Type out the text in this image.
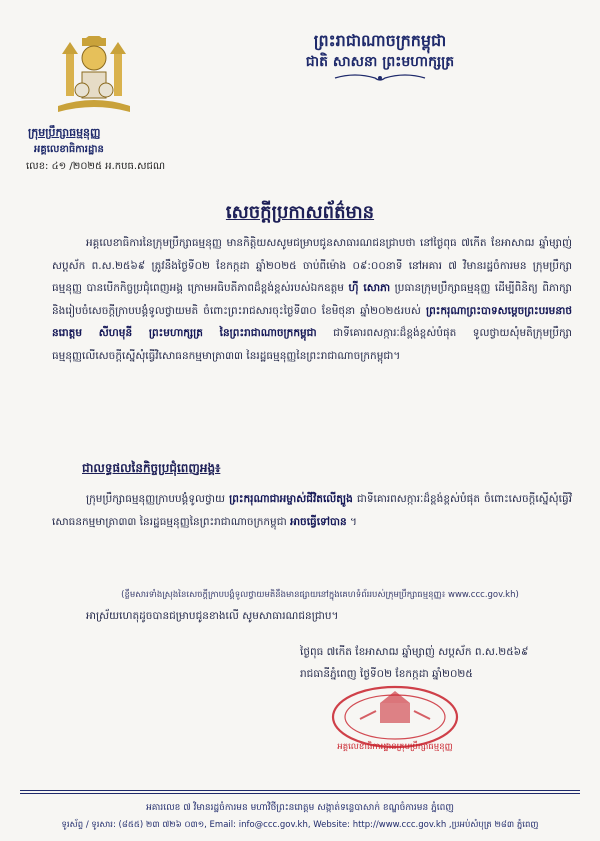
ក្រុមប្រឹក្សាធម្មនុញ្ញ
អគ្គលេខាធិការដ្ឋាន
លេខ: ៤១ /២០២៥ អ.កបធ.សជណ
ព្រះរាជាណាចក្រកម្ពុជា
ជាតិ សាសនា ព្រះមហាក្សត្រ
សេចក្តីប្រកាសព័ត៌មាន
អគ្គលេខាធិការនៃក្រុមប្រឹក្សាធម្មនុញ្ញ មានកិត្តិយសសូមជម្រាបជូនសាធារណជនជ្រាបថា នៅថ្ងៃពុធ ៧កើត ខែអាសាឍ ឆ្នាំម្សាញ់ សប្តស័ក ព.ស.២៥៦៩ ត្រូវនឹងថ្ងៃទី០២ ខែកក្កដា ឆ្នាំ២០២៥ ចាប់ពីម៉ោង ០៩:០០នាទី នៅអគារ ៧ វិមានរដ្ឋចំការមន ក្រុមប្រឹក្សាធម្មនុញ្ញ បានបើកកិច្ចប្រជុំពេញអង្គ ក្រោមអធិបតីភាពដ៏ខ្ពង់ខ្ពស់របស់ឯកឧត្តម ហ៊ី សោភា ប្រធានក្រុមប្រឹក្សាធម្មនុញ្ញ ដើម្បីពិនិត្យ ពិភាក្សា និងរៀបចំសេចក្តីក្រាបបង្គំទូលថ្វាយមតិ ចំពោះព្រះរាជសារចុះថ្ងៃទី៣០ ខែមិថុនា ឆ្នាំ២០២៥របស់ ព្រះករុណាព្រះបាទសម្តេចព្រះបរមនាថ នរោត្តម សីហមុនី ព្រះមហាក្សត្រ នៃព្រះរាជាណាចក្រកម្ពុជា ជាទីគោរពសក្ការៈដ៏ខ្ពង់ខ្ពស់បំផុត ទូលថ្វាយសុំមតិក្រុមប្រឹក្សាធម្មនុញ្ញលើសេចក្តីស្នើសុំធ្វើវិសោធនកម្មមាត្រា៣៣ នៃរដ្ឋធម្មនុញ្ញនៃព្រះរាជាណាចក្រកម្ពុជា។
ជាលទ្ធផលនៃកិច្ចប្រជុំពេញអង្គ៖
ក្រុមប្រឹក្សាធម្មនុញ្ញក្រាបបង្គំទូលថ្វាយ ព្រះករុណាជាអម្ចាស់ជីវិតលើត្បូង ជាទីគោរពសក្ការៈដ៏ខ្ពង់ខ្ពស់បំផុត ចំពោះសេចក្តីស្នើសុំធ្វើវិសោធនកម្មមាត្រា៣៣ នៃរដ្ឋធម្មនុញ្ញនៃព្រះរាជាណាចក្រកម្ពុជា អាចធ្វើទៅបាន ។
(ខ្លឹមសារទាំងស្រុងនៃសេចក្តីក្រាបបង្គំទូលថ្វាយមតិនឹងមានផ្សាយនៅក្នុងគេហទំព័ររបស់ក្រុមប្រឹក្សាធម្មនុញ្ញ៖ www.ccc.gov.kh)
អាស្រ័យហេតុដូចបានជម្រាបជូនខាងលើ សូមសាធារណជនជ្រាប។
ថ្ងៃពុធ ៧កើត ខែអាសាឍ ឆ្នាំម្សាញ់ សប្តស័ក ព.ស.២៥៦៩
រាជធានីភ្នំពេញ ថ្ងៃទី០២ ខែកក្កដា ឆ្នាំ២០២៥
អគ្គលេខាធិការដ្ឋានក្រុមប្រឹក្សាធម្មនុញ្ញ
អគារលេខ ៧ វិមានរដ្ឋចំការមន មហាវិថីព្រះនរោត្តម សង្កាត់ទន្លេបាសាក់ ខណ្ឌចំការមន ភ្នំពេញ
ទូរស័ព្ទ / ទូរសារ: (៨៥៥) ២៣ ៧២៦ ០៣១, Email: info@ccc.gov.kh, Website: http://www.ccc.gov.kh ,ប្រអប់សំបុត្រ ២៨៣ ភ្នំពេញ
